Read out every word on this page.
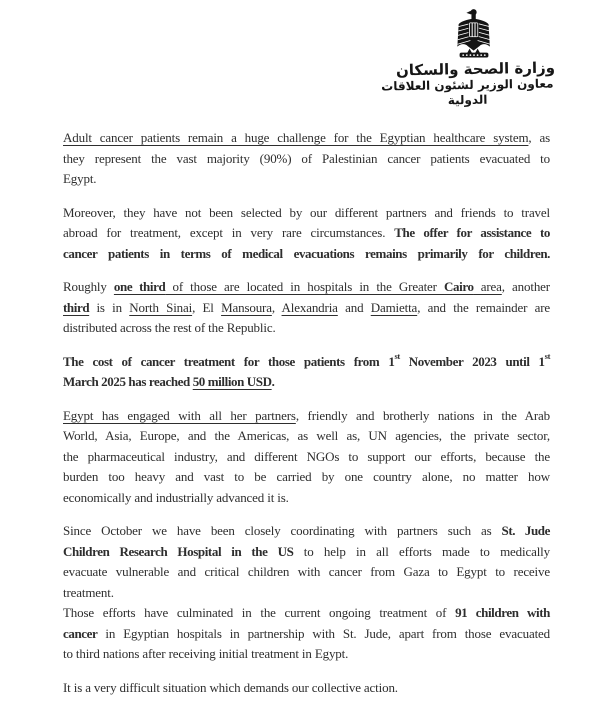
وزارة الصحة والسكان
معاون الوزير لشئون العلاقات الدولية
Adult cancer patients remain a huge challenge for the Egyptian healthcare system, as
they represent the vast majority (90%) of Palestinian cancer patients evacuated to
Egypt.
Moreover, they have not been selected by our different partners and friends to travel
abroad for treatment, except in very rare circumstances. The offer for assistance to
cancer patients in terms of medical evacuations remains primarily for children.
Roughly one third of those are located in hospitals in the Greater Cairo area, another
third is in North Sinai, El Mansoura, Alexandria and Damietta, and the remainder are
distributed across the rest of the Republic.
The cost of cancer treatment for those patients from 1st November 2023 until 1st
March 2025 has reached 50 million USD.
Egypt has engaged with all her partners, friendly and brotherly nations in the Arab
World, Asia, Europe, and the Americas, as well as, UN agencies, the private sector,
the pharmaceutical industry, and different NGOs to support our efforts, because the
burden too heavy and vast to be carried by one country alone, no matter how
economically and industrially advanced it is.
Since October we have been closely coordinating with partners such as St. Jude
Children Research Hospital in the US to help in all efforts made to medically
evacuate vulnerable and critical children with cancer from Gaza to Egypt to receive
treatment.
Those efforts have culminated in the current ongoing treatment of 91 children with
cancer in Egyptian hospitals in partnership with St. Jude, apart from those evacuated
to third nations after receiving initial treatment in Egypt.
It is a very difficult situation which demands our collective action.
